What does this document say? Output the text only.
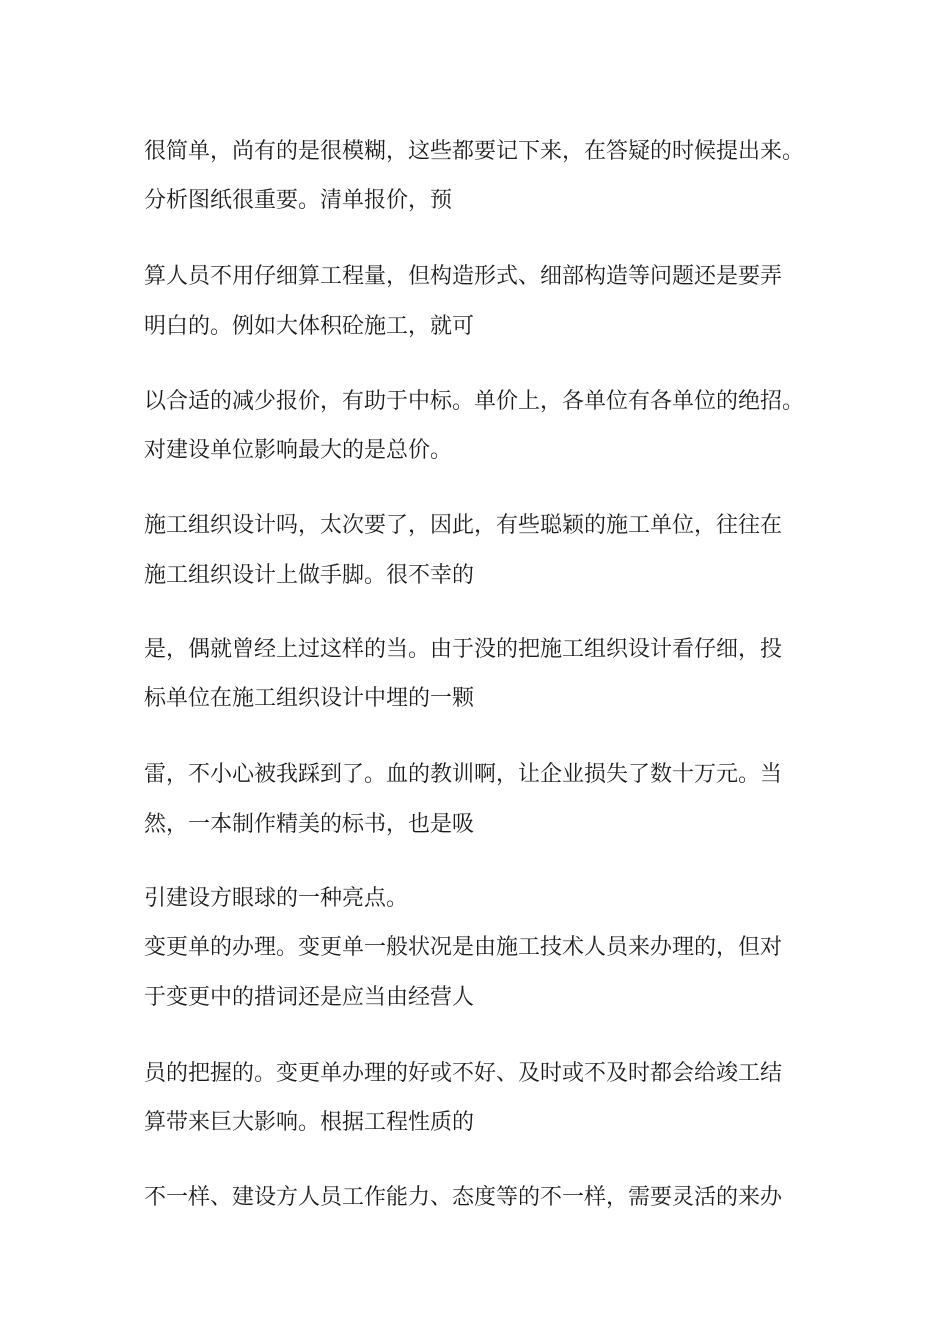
很简单，尚有的是很模糊，这些都要记下来，在答疑的时候提出来。

分析图纸很重要。清单报价，预

算人员不用仔细算工程量，但构造形式、细部构造等问题还是要弄

明白的。例如大体积砼施工，就可

以合适的减少报价，有助于中标。单价上，各单位有各单位的绝招。

对建设单位影响最大的是总价。

施工组织设计吗，太次要了，因此，有些聪颖的施工单位，往往在

施工组织设计上做手脚。很不幸的

是，偶就曾经上过这样的当。由于没的把施工组织设计看仔细，投

标单位在施工组织设计中埋的一颗

雷，不小心被我踩到了。血的教训啊，让企业损失了数十万元。当

然，一本制作精美的标书，也是吸

引建设方眼球的一种亮点。

变更单的办理。变更单一般状况是由施工技术人员来办理的，但对

于变更中的措词还是应当由经营人

员的把握的。变更单办理的好或不好、及时或不及时都会给竣工结

算带来巨大影响。根据工程性质的

不一样、建设方人员工作能力、态度等的不一样，需要灵活的来办
